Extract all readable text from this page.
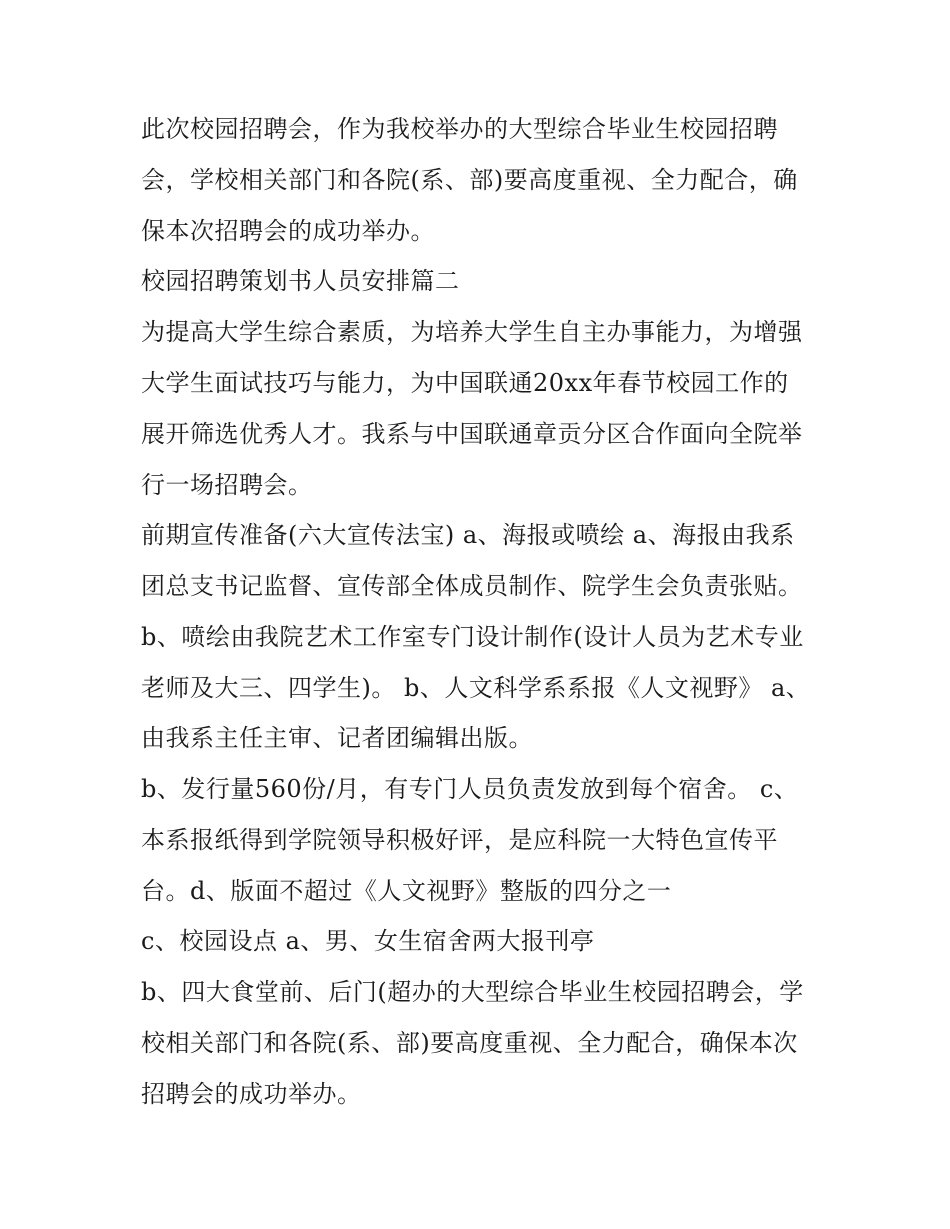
此次校园招聘会，作为我校举办的大型综合毕业生校园招聘
会，学校相关部门和各院(系、部)要高度重视、全力配合，确
保本次招聘会的成功举办。
校园招聘策划书人员安排篇二
为提高大学生综合素质，为培养大学生自主办事能力，为增强
大学生面试技巧与能力，为中国联通20xx年春节校园工作的
展开筛选优秀人才。我系与中国联通章贡分区合作面向全院举
行一场招聘会。
前期宣传准备(六大宣传法宝) a、海报或喷绘 a、海报由我系
团总支书记监督、宣传部全体成员制作、院学生会负责张贴。
b、喷绘由我院艺术工作室专门设计制作(设计人员为艺术专业
老师及大三、四学生)。 b、人文科学系系报《人文视野》 a、
由我系主任主审、记者团编辑出版。
b、发行量560份/月，有专门人员负责发放到每个宿舍。 c、
本系报纸得到学院领导积极好评，是应科院一大特色宣传平
台。d、版面不超过《人文视野》整版的四分之一
c、校园设点 a、男、女生宿舍两大报刊亭
b、四大食堂前、后门(超办的大型综合毕业生校园招聘会，学
校相关部门和各院(系、部)要高度重视、全力配合，确保本次
招聘会的成功举办。
